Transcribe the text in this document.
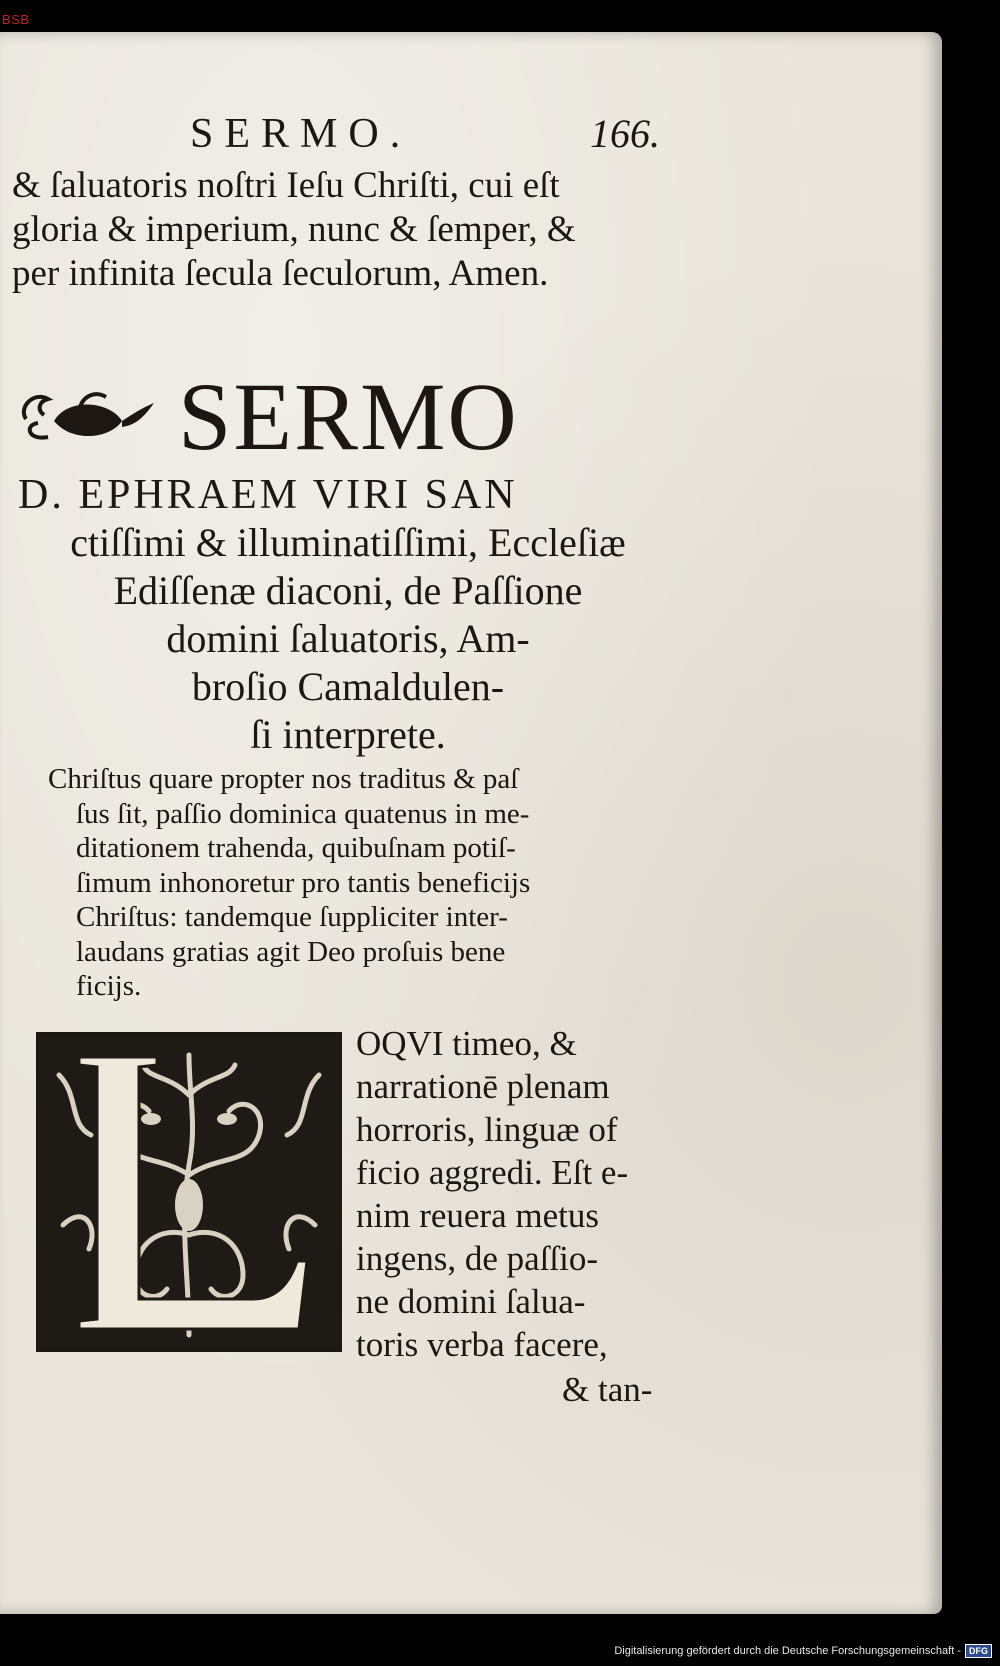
BSB
SERMO.	166.
& ſaluatoris noſtri Ieſu Chriſti, cui eſt
gloria & imperium, nunc & ſemper, &
per infinita ſecula ſeculorum, Amen.
SERMO
D. EPHRAEM VIRI SAN
ctiſſimi & illuminatiſſimi, Eccleſiæ
Ediſſenæ diaconi, de Paſſione
domini ſaluatoris, Am-
broſio Camaldulen-
ſi interprete.
Chriſtus quare propter nos traditus & paſ
ſus ſit, paſſio dominica quatenus in me-
ditationem trahenda, quibuſnam potiſ-
ſimum inhonoretur pro tantis beneficijs
Chriſtus: tandemque ſuppliciter inter-
laudans gratias agit Deo proſuis bene
ficijs.
OQVI timeo, &
narrationē plenam
horroris, linguæ of
ficio aggredi. Eſt e-
nim reuera metus
ingens, de paſſio-
ne domini ſalua-
toris verba facere,
& tan-
Digitalisierung gefördert durch die Deutsche Forschungsgemeinschaft - DFG
